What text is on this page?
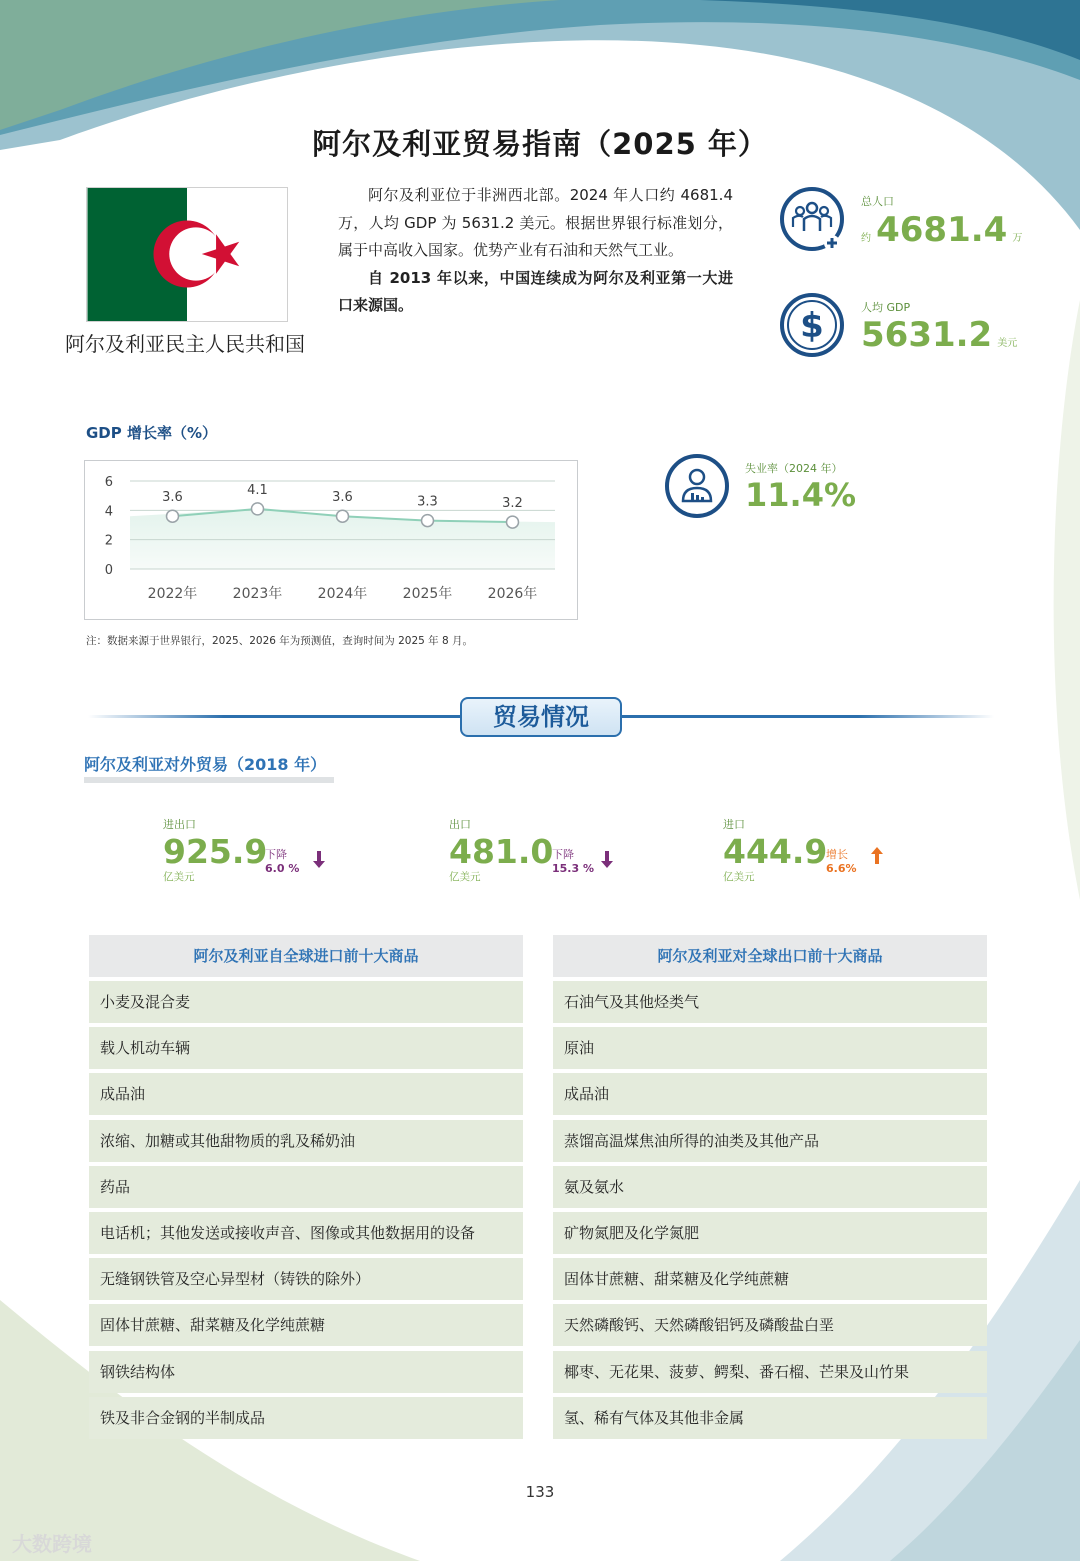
阿尔及利亚贸易指南（2025 年）
阿尔及利亚民主人民共和国

阿尔及利亚位于非洲西北部。2024 年人口约 4681.4 万，人均 GDP 为 5631.2 美元。根据世界银行标准划分，属于中高收入国家。优势产业有石油和天然气工业。

自 2013 年以来，中国连续成为阿尔及利亚第一大进口来源国。

总人口
约 4681.4 万
$	人均 GDP
5631.2 美元
GDP 增长率（%）
0
2
4
6
3.6
2022年
4.1
2023年
3.6
2024年
3.3
2025年
3.2
2026年
注：数据来源于世界银行，2025、2026 年为预测值，查询时间为 2025 年 8 月。
失业率（2024 年）
11.4%
贸易情况
阿尔及利亚对外贸易（2018 年）
进出口
925.9
亿美元
下降
6.0 %
出口
481.0
亿美元
下降
15.3 %
进口
444.9
亿美元
增长
6.6%
阿尔及利亚自全球进口前十大商品
小麦及混合麦
载人机动车辆
成品油
浓缩、加糖或其他甜物质的乳及稀奶油
药品
电话机；其他发送或接收声音、图像或其他数据用的设备
无缝钢铁管及空心异型材（铸铁的除外）
固体甘蔗糖、甜菜糖及化学纯蔗糖
钢铁结构体
铁及非合金钢的半制成品
阿尔及利亚对全球出口前十大商品
石油气及其他烃类气
原油
成品油
蒸馏高温煤焦油所得的油类及其他产品
氨及氨水
矿物氮肥及化学氮肥
固体甘蔗糖、甜菜糖及化学纯蔗糖
天然磷酸钙、天然磷酸铝钙及磷酸盐白垩
椰枣、无花果、菠萝、鳄梨、番石榴、芒果及山竹果
氢、稀有气体及其他非金属
133
大数跨境
